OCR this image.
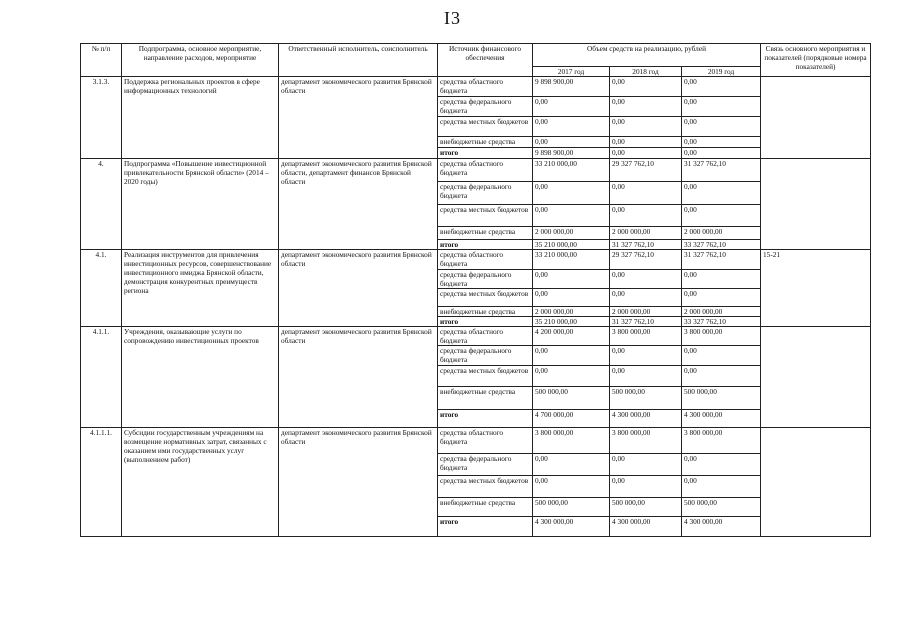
I3
№ п/п	Подпрограмма, основное мероприятие, направление расходов, мероприятие	Ответственный исполнитель, соисполнитель	Источник финансового обеспечения	Объем средств на реализацию, рублей			Связь основного мероприятия и показателей (порядковые номера показателей)
				2017 год	2018 год	2019 год	
3.1.3.	Поддержка региональных проектов в сфере информационных технологий	департамент экономического развития Брянской области	средства областного бюджета	9 898 900,00	0,00	0,00	
			средства федерального бюджета	0,00	0,00	0,00	
			средства местных бюджетов	0,00	0,00	0,00	
			внебюджетные средства	0,00	0,00	0,00	
			итого	9 898 900,00	0,00	0,00	
4.	Подпрограмма «Повышение инвестиционной привлекательности Брянской области» (2014 – 2020 годы)	департамент экономического развития Брянской области, департамент финансов Брянской области	средства областного бюджета	33 210 000,00	29 327 762,10	31 327 762,10	
			средства федерального бюджета	0,00	0,00	0,00	
			средства местных бюджетов	0,00	0,00	0,00	
			внебюджетные средства	2 000 000,00	2 000 000,00	2 000 000,00	
			итого	35 210 000,00	31 327 762,10	33 327 762,10	
4.1.	Реализация инструментов для привлечения инвестиционных ресурсов, совершенствование инвестиционного имиджа Брянской области, демонстрация конкурентных преимуществ региона	департамент экономического развития Брянской области	средства областного бюджета	33 210 000,00	29 327 762,10	31 327 762,10	15-21
			средства федерального бюджета	0,00	0,00	0,00	
			средства местных бюджетов	0,00	0,00	0,00	
			внебюджетные средства	2 000 000,00	2 000 000,00	2 000 000,00	
			итого	35 210 000,00	31 327 762,10	33 327 762,10	
4.1.1.	Учреждения, оказывающие услуги по сопровождению инвестиционных проектов	департамент экономического развития Брянской области	средства областного бюджета	4 200 000,00	3 800 000,00	3 800 000,00	
			средства федерального бюджета	0,00	0,00	0,00	
			средства местных бюджетов	0,00	0,00	0,00	
			внебюджетные средства	500 000,00	500 000,00	500 000,00	
			итого	4 700 000,00	4 300 000,00	4 300 000,00	
4.1.1.1.	Субсидии государственным учреждениям на возмещение нормативных затрат, связанных с оказанием ими государственных услуг (выполнением работ)	департамент экономического развития Брянской области	средства областного бюджета	3 800 000,00	3 800 000,00	3 800 000,00	
			средства федерального бюджета	0,00	0,00	0,00	
			средства местных бюджетов	0,00	0,00	0,00	
			внебюджетные средства	500 000,00	500 000,00	500 000,00	
			итого	4 300 000,00	4 300 000,00	4 300 000,00	
